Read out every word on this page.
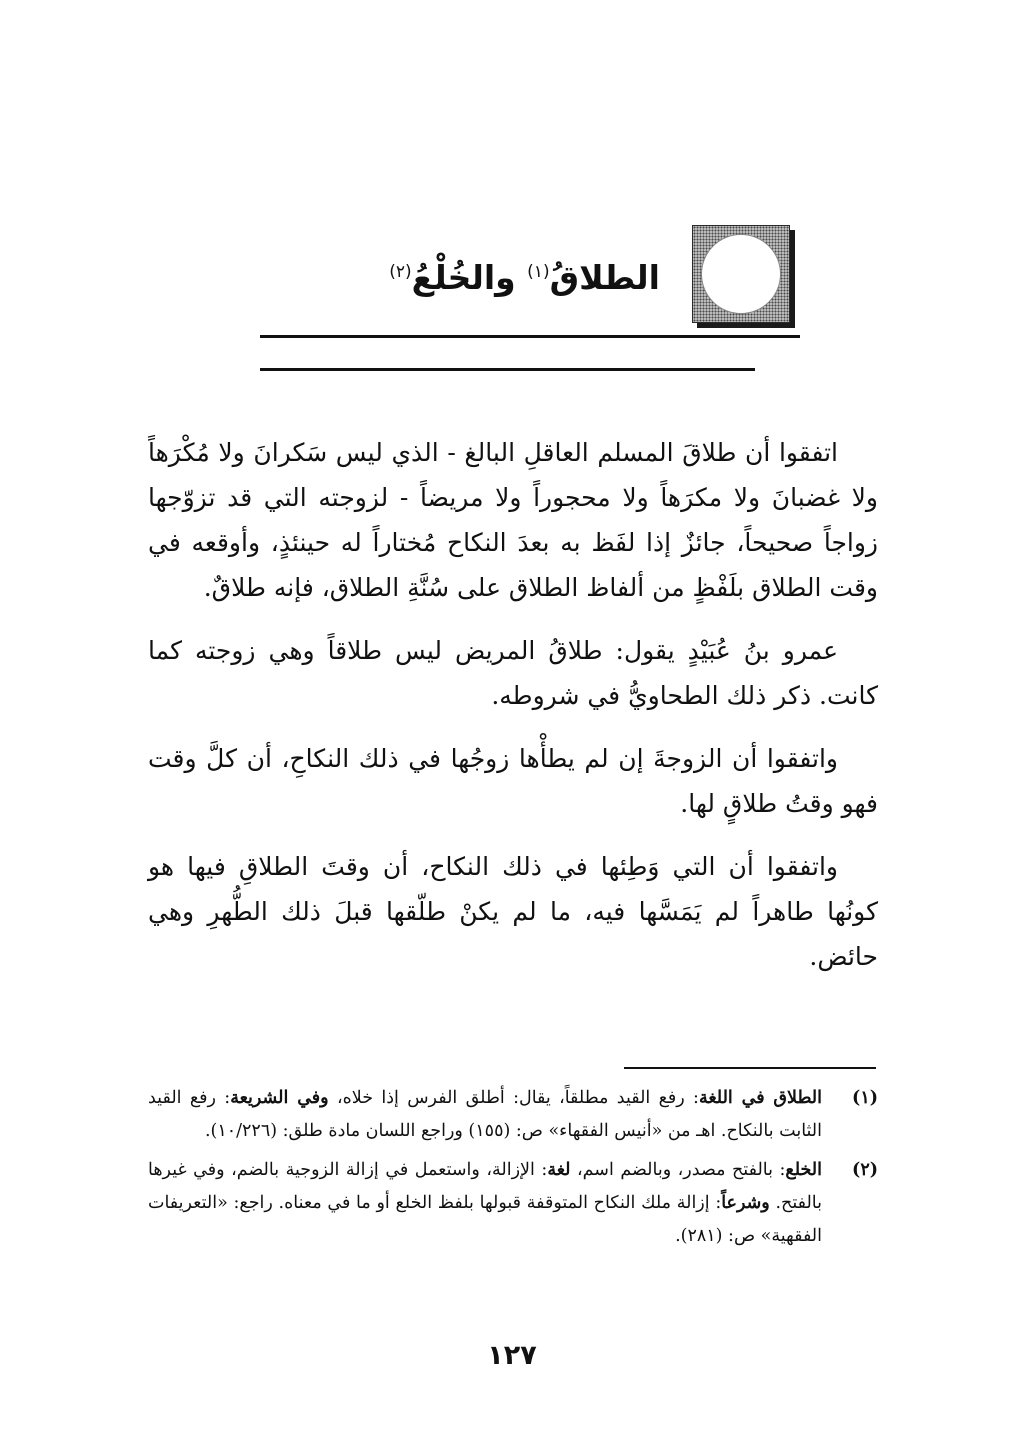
الطلاقُ$^{(١)}$ والخُلْعُ$^{(٢)}$

اتفقوا أن طلاقَ المسلم العاقلِ البالغ - الذي ليس سَكرانَ ولا مُكْرَهاً ولا غضبانَ ولا مكرَهاً ولا محجوراً ولا مريضاً - لزوجته التي قد تزوّجها زواجاً صحيحاً، جائزٌ إذا لفَظ به بعدَ النكاح مُختاراً له حينئذٍ، وأوقعه في وقت الطلاق بلَفْظٍ من ألفاظ الطلاق على سُنَّةِ الطلاق، فإنه طلاقٌ.

عمرو بنُ عُبَيْدٍ يقول: طلاقُ المريض ليس طلاقاً وهي زوجته كما كانت. ذكر ذلك الطحاويُّ في شروطه.

واتفقوا أن الزوجةَ إن لم يطأْها زوجُها في ذلك النكاحِ، أن كلَّ وقت فهو وقتُ طلاقٍ لها.

واتفقوا أن التي وَطِئها في ذلك النكاح، أن وقتَ الطلاقِ فيها هو كونُها طاهراً لم يَمَسَّها فيه، ما لم يكنْ طلّقها قبلَ ذلك الطُّهرِ وهي حائض.

(١)
الطلاق في اللغة: رفع القيد مطلقاً، يقال: أطلق الفرس إذا خلاه، وفي الشريعة: رفع القيد الثابت بالنكاح. اهـ من «أنيس الفقهاء» ص: (١٥٥) وراجع اللسان مادة طلق: (١٠/٢٢٦).
(٢)
الخلع: بالفتح مصدر، وبالضم اسم، لغة: الإزالة، واستعمل في إزالة الزوجية بالضم، وفي غيرها بالفتح. وشرعاً: إزالة ملك النكاح المتوقفة قبولها بلفظ الخلع أو ما في معناه. راجع: «التعريفات الفقهية» ص: (٢٨١).
١٢٧
